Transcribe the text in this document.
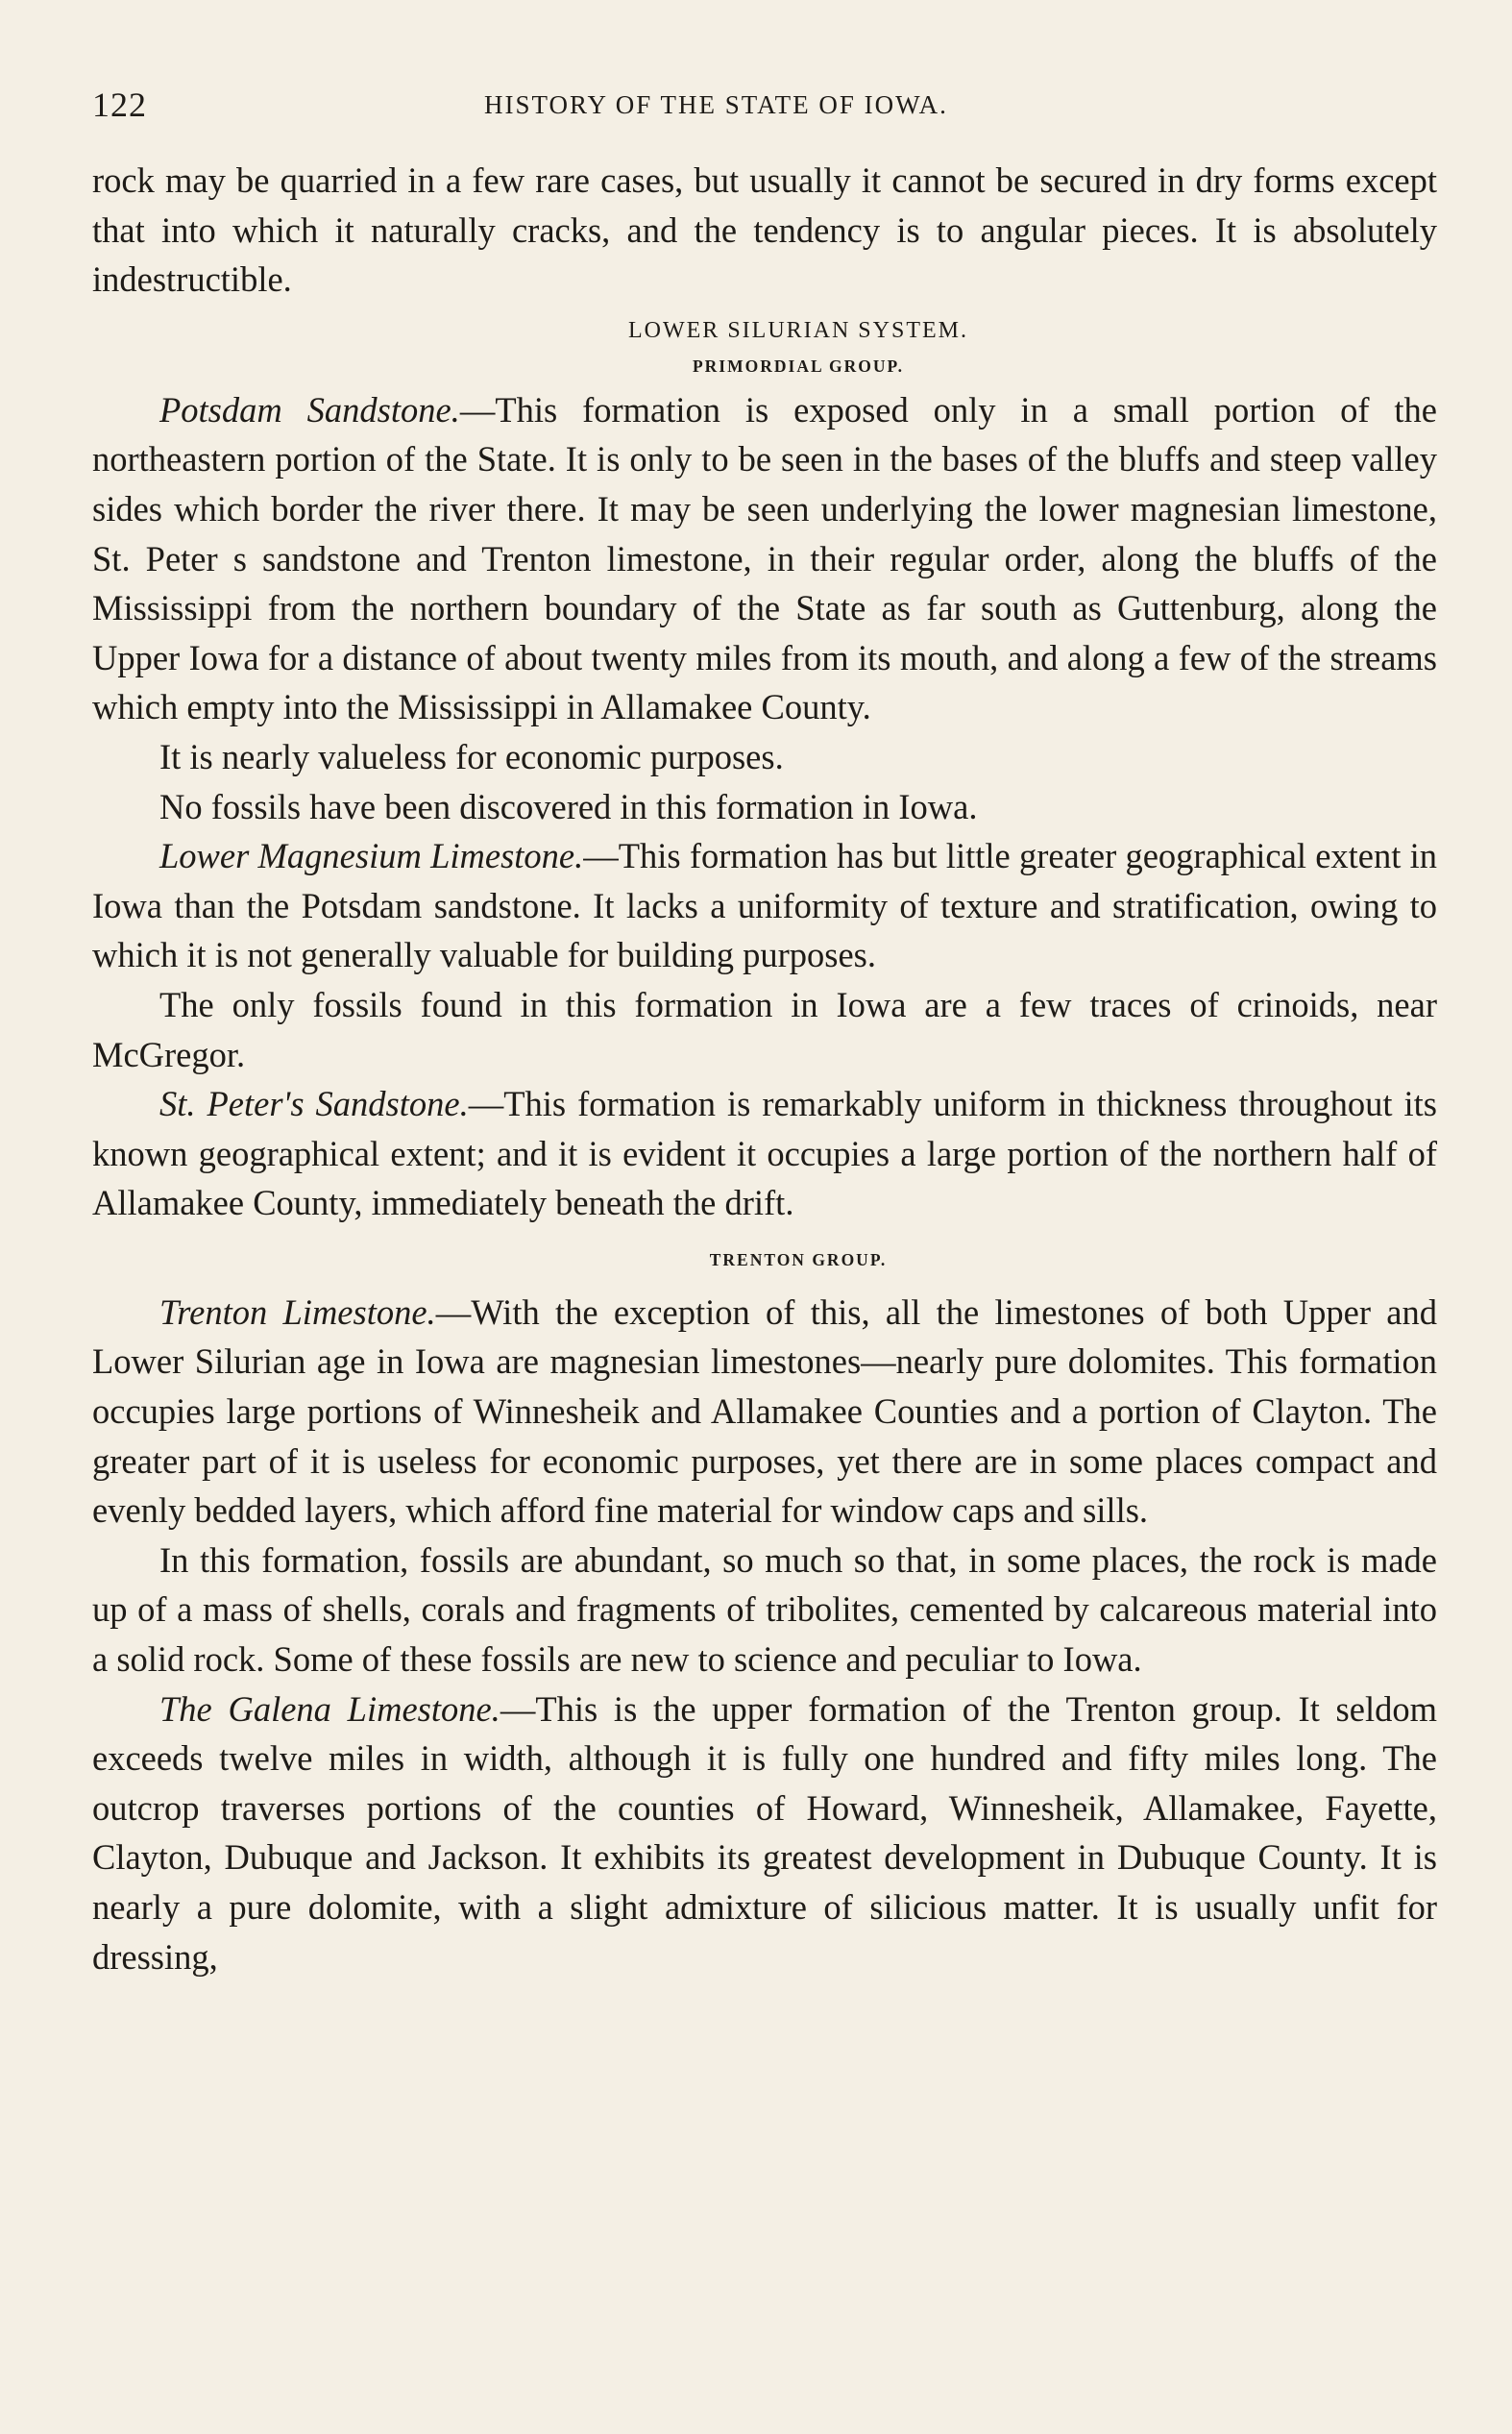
122	HISTORY OF THE STATE OF IOWA.

rock may be quarried in a few rare cases, but usually it cannot be secured in dry forms except that into which it naturally cracks, and the tendency is to angular pieces. It is absolutely indestructible.

LOWER SILURIAN SYSTEM.

PRIMORDIAL GROUP.

Potsdam Sandstone.—This formation is exposed only in a small portion of the northeastern portion of the State. It is only to be seen in the bases of the bluffs and steep valley sides which border the river there. It may be seen underlying the lower magnesian limestone, St. Peter s sandstone and Trenton limestone, in their regular order, along the bluffs of the Mississippi from the northern boundary of the State as far south as Guttenburg, along the Upper Iowa for a distance of about twenty miles from its mouth, and along a few of the streams which empty into the Mississippi in Allamakee County.

It is nearly valueless for economic purposes.

No fossils have been discovered in this formation in Iowa.

Lower Magnesium Limestone.—This formation has but little greater geographical extent in Iowa than the Potsdam sandstone. It lacks a uniformity of texture and stratification, owing to which it is not generally valuable for building purposes.

The only fossils found in this formation in Iowa are a few traces of crinoids, near McGregor.

St. Peter's Sandstone.—This formation is remarkably uniform in thickness throughout its known geographical extent; and it is evident it occupies a large portion of the northern half of Allamakee County, immediately beneath the drift.

TRENTON GROUP.

Trenton Limestone.—With the exception of this, all the limestones of both Upper and Lower Silurian age in Iowa are magnesian limestones—nearly pure dolomites. This formation occupies large portions of Winnesheik and Allamakee Counties and a portion of Clayton. The greater part of it is useless for economic purposes, yet there are in some places compact and evenly bedded layers, which afford fine material for window caps and sills.

In this formation, fossils are abundant, so much so that, in some places, the rock is made up of a mass of shells, corals and fragments of tribolites, cemented by calcareous material into a solid rock. Some of these fossils are new to science and peculiar to Iowa.

The Galena Limestone.—This is the upper formation of the Trenton group. It seldom exceeds twelve miles in width, although it is fully one hundred and fifty miles long. The outcrop traverses portions of the counties of Howard, Winnesheik, Allamakee, Fayette, Clayton, Dubuque and Jackson. It exhibits its greatest development in Dubuque County. It is nearly a pure dolomite, with a slight admixture of silicious matter. It is usually unfit for dressing,
